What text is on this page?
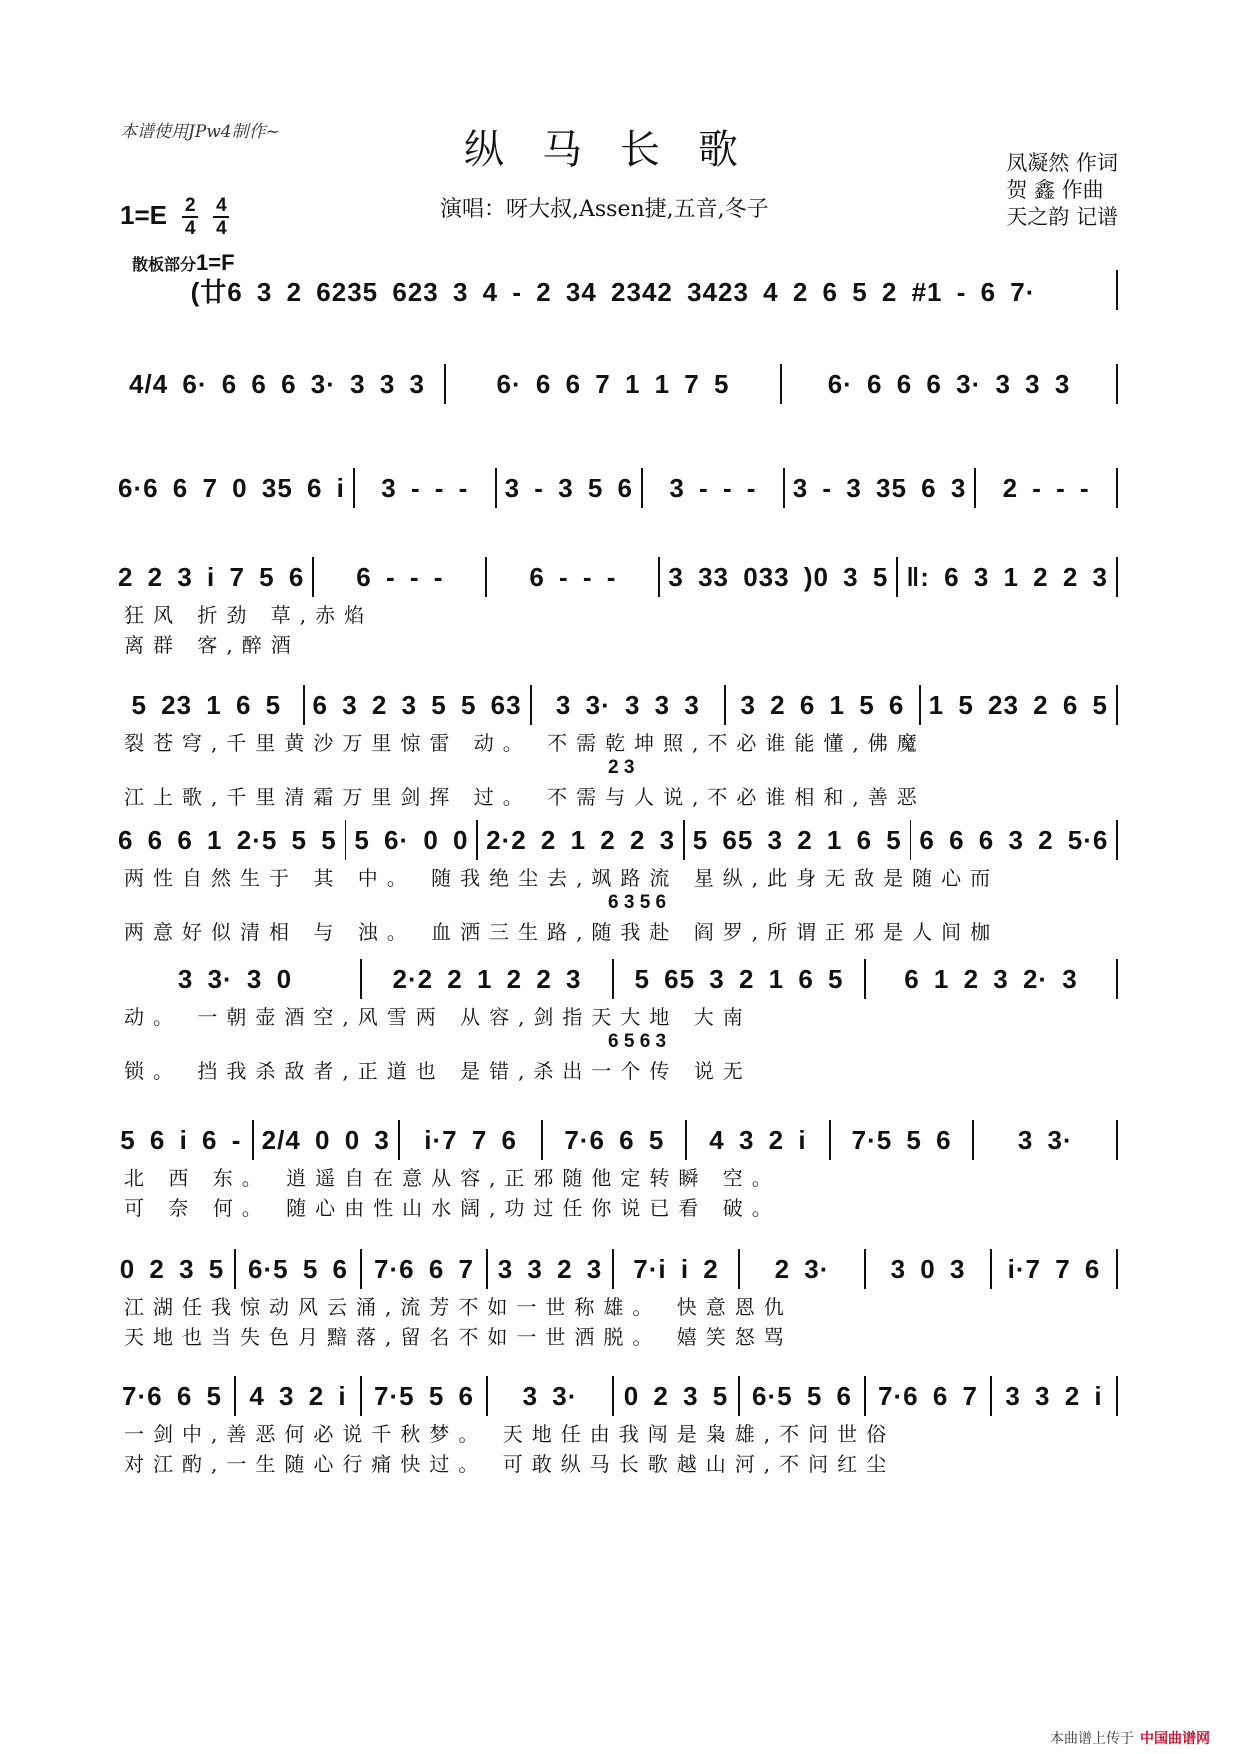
本谱使用JPw4制作~	纵马长歌
演唱：呀大叔,Assen捷,五音,冬子
凤凝然 作词
贺 鑫 作曲
天之韵 记谱
$1=E \frac{2}{4}$
$\frac{4}{4}$
散板部分1=F
(廿6 3 2 6235 623 3 4 - 2 34 2342 3423 4 2 6 5 2 #1 - 6 7·
4/4 6· 6 6 6 3· 3 3 3	6· 6 6 7 1 1 7 5	6· 6 6 6 3· 3 3 3
6·6 6 7 0 35 6 i	3 - - -	3 - 3 5 6	3 - - -	3 - 3 35 6 3	2 - - -
2 2 3 i 7 5 6	6 - - -	6 - - -	3 33 033 )0 3 5 ‖: 6 3 1 2 2 3
狂风 折劲 草,赤焰
离群 客,醉酒
5 23 1 6 5	6 3 2 3 5 5 63	3 3· 3 3 3	3 2 6 1 5 6 1 5 23 2 6 5
裂苍穹,千里黄沙万里惊雷 动。 不需乾坤照,不必谁能懂,佛魔
2 3
江上歌,千里清霜万里剑挥 过。 不需与人说,不必谁相和,善恶
6 6 6 1 2·5 5 5 5 6· 0 0 2·2 2 1 2 2 3 5 65 3 2 1 6 5 6 6 6 3 2 5·6
两性自然生于 其 中。 随我绝尘去,飒路流 星纵,此身无敌是随心而
6 3 5 6
两意好似清相 与 浊。 血洒三生路,随我赴 阎罗,所谓正邪是人间枷
3 3· 3 0	2·2 2 1 2 2 3	5 65 3 2 1 6 5	6 1 2 3 2· 3
动。 一朝壶酒空,风雪两 从容,剑指天大地 大南
6 5 6 3
锁。 挡我杀敌者,正道也 是错,杀出一个传 说无
5 6 i 6 - 2/4 0 0 3	i·7 7 6	7·6 6 5	4 3 2 i	7·5 5 6	3 3·
北 西 东。 逍遥自在意从容,正邪随他定转瞬 空。
可 奈 何。 随心由性山水阔,功过任你说已看 破。
0 2 3 5 6·5 5 6 7·6 6 7 3 3 2 3	7·i i 2	2 3·	3 0 3	i·7 7 6
江湖任我惊动风云涌,流芳不如一世称雄。 快意恩仇
天地也当失色月黯落,留名不如一世洒脱。 嬉笑怒骂
7·6 6 5 4 3 2 i 7·5 5 6	3 3·	0 2 3 5 6·5 5 6 7·6 6 7 3 3 2 i
一剑中,善恶何必说千秋梦。 天地任由我闯是枭雄,不问世俗
对江酌,一生随心行痛快过。 可敢纵马长歌越山河,不问红尘
本曲谱上传于 中国曲谱网
